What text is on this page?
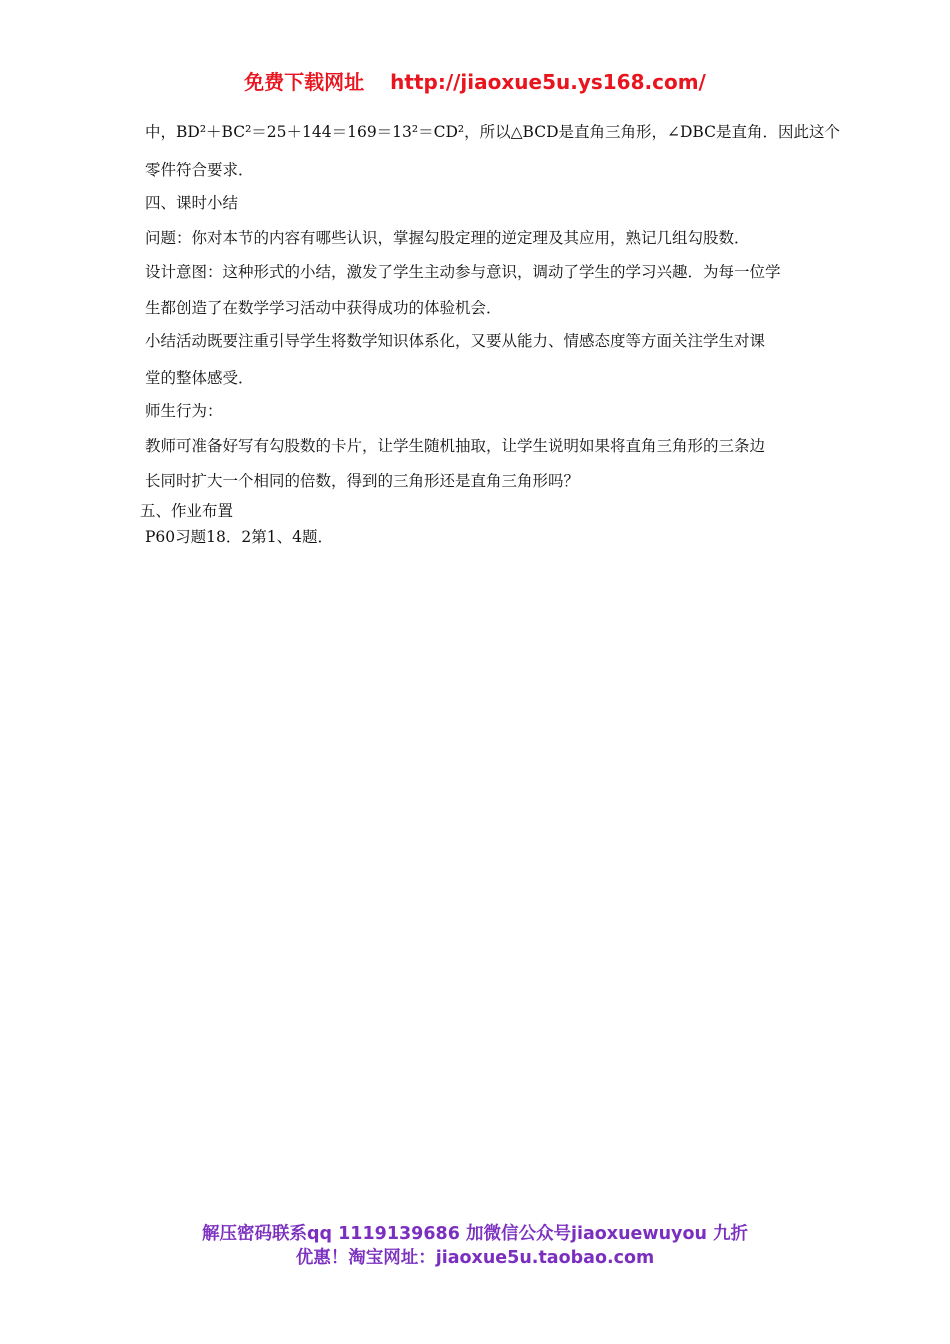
免费下载网址 http://jiaoxue5u.ys168.com/
中，BD²＋BC²＝25＋144＝169＝13²＝CD²，所以△BCD是直角三角形，∠DBC是直角．因此这个
零件符合要求．
四、课时小结
问题：你对本节的内容有哪些认识，掌握勾股定理的逆定理及其应用，熟记几组勾股数．
设计意图：这种形式的小结，激发了学生主动参与意识，调动了学生的学习兴趣．为每一位学
生都创造了在数学学习活动中获得成功的体验机会．
小结活动既要注重引导学生将数学知识体系化，又要从能力、情感态度等方面关注学生对课
堂的整体感受．
师生行为：
教师可准备好写有勾股数的卡片，让学生随机抽取，让学生说明如果将直角三角形的三条边
长同时扩大一个相同的倍数，得到的三角形还是直角三角形吗？
五、作业布置
P60习题18．2第1、4题．
解压密码联系qq 1119139686 加微信公众号jiaoxuewuyou 九折
优惠！淘宝网址：jiaoxue5u.taobao.com
